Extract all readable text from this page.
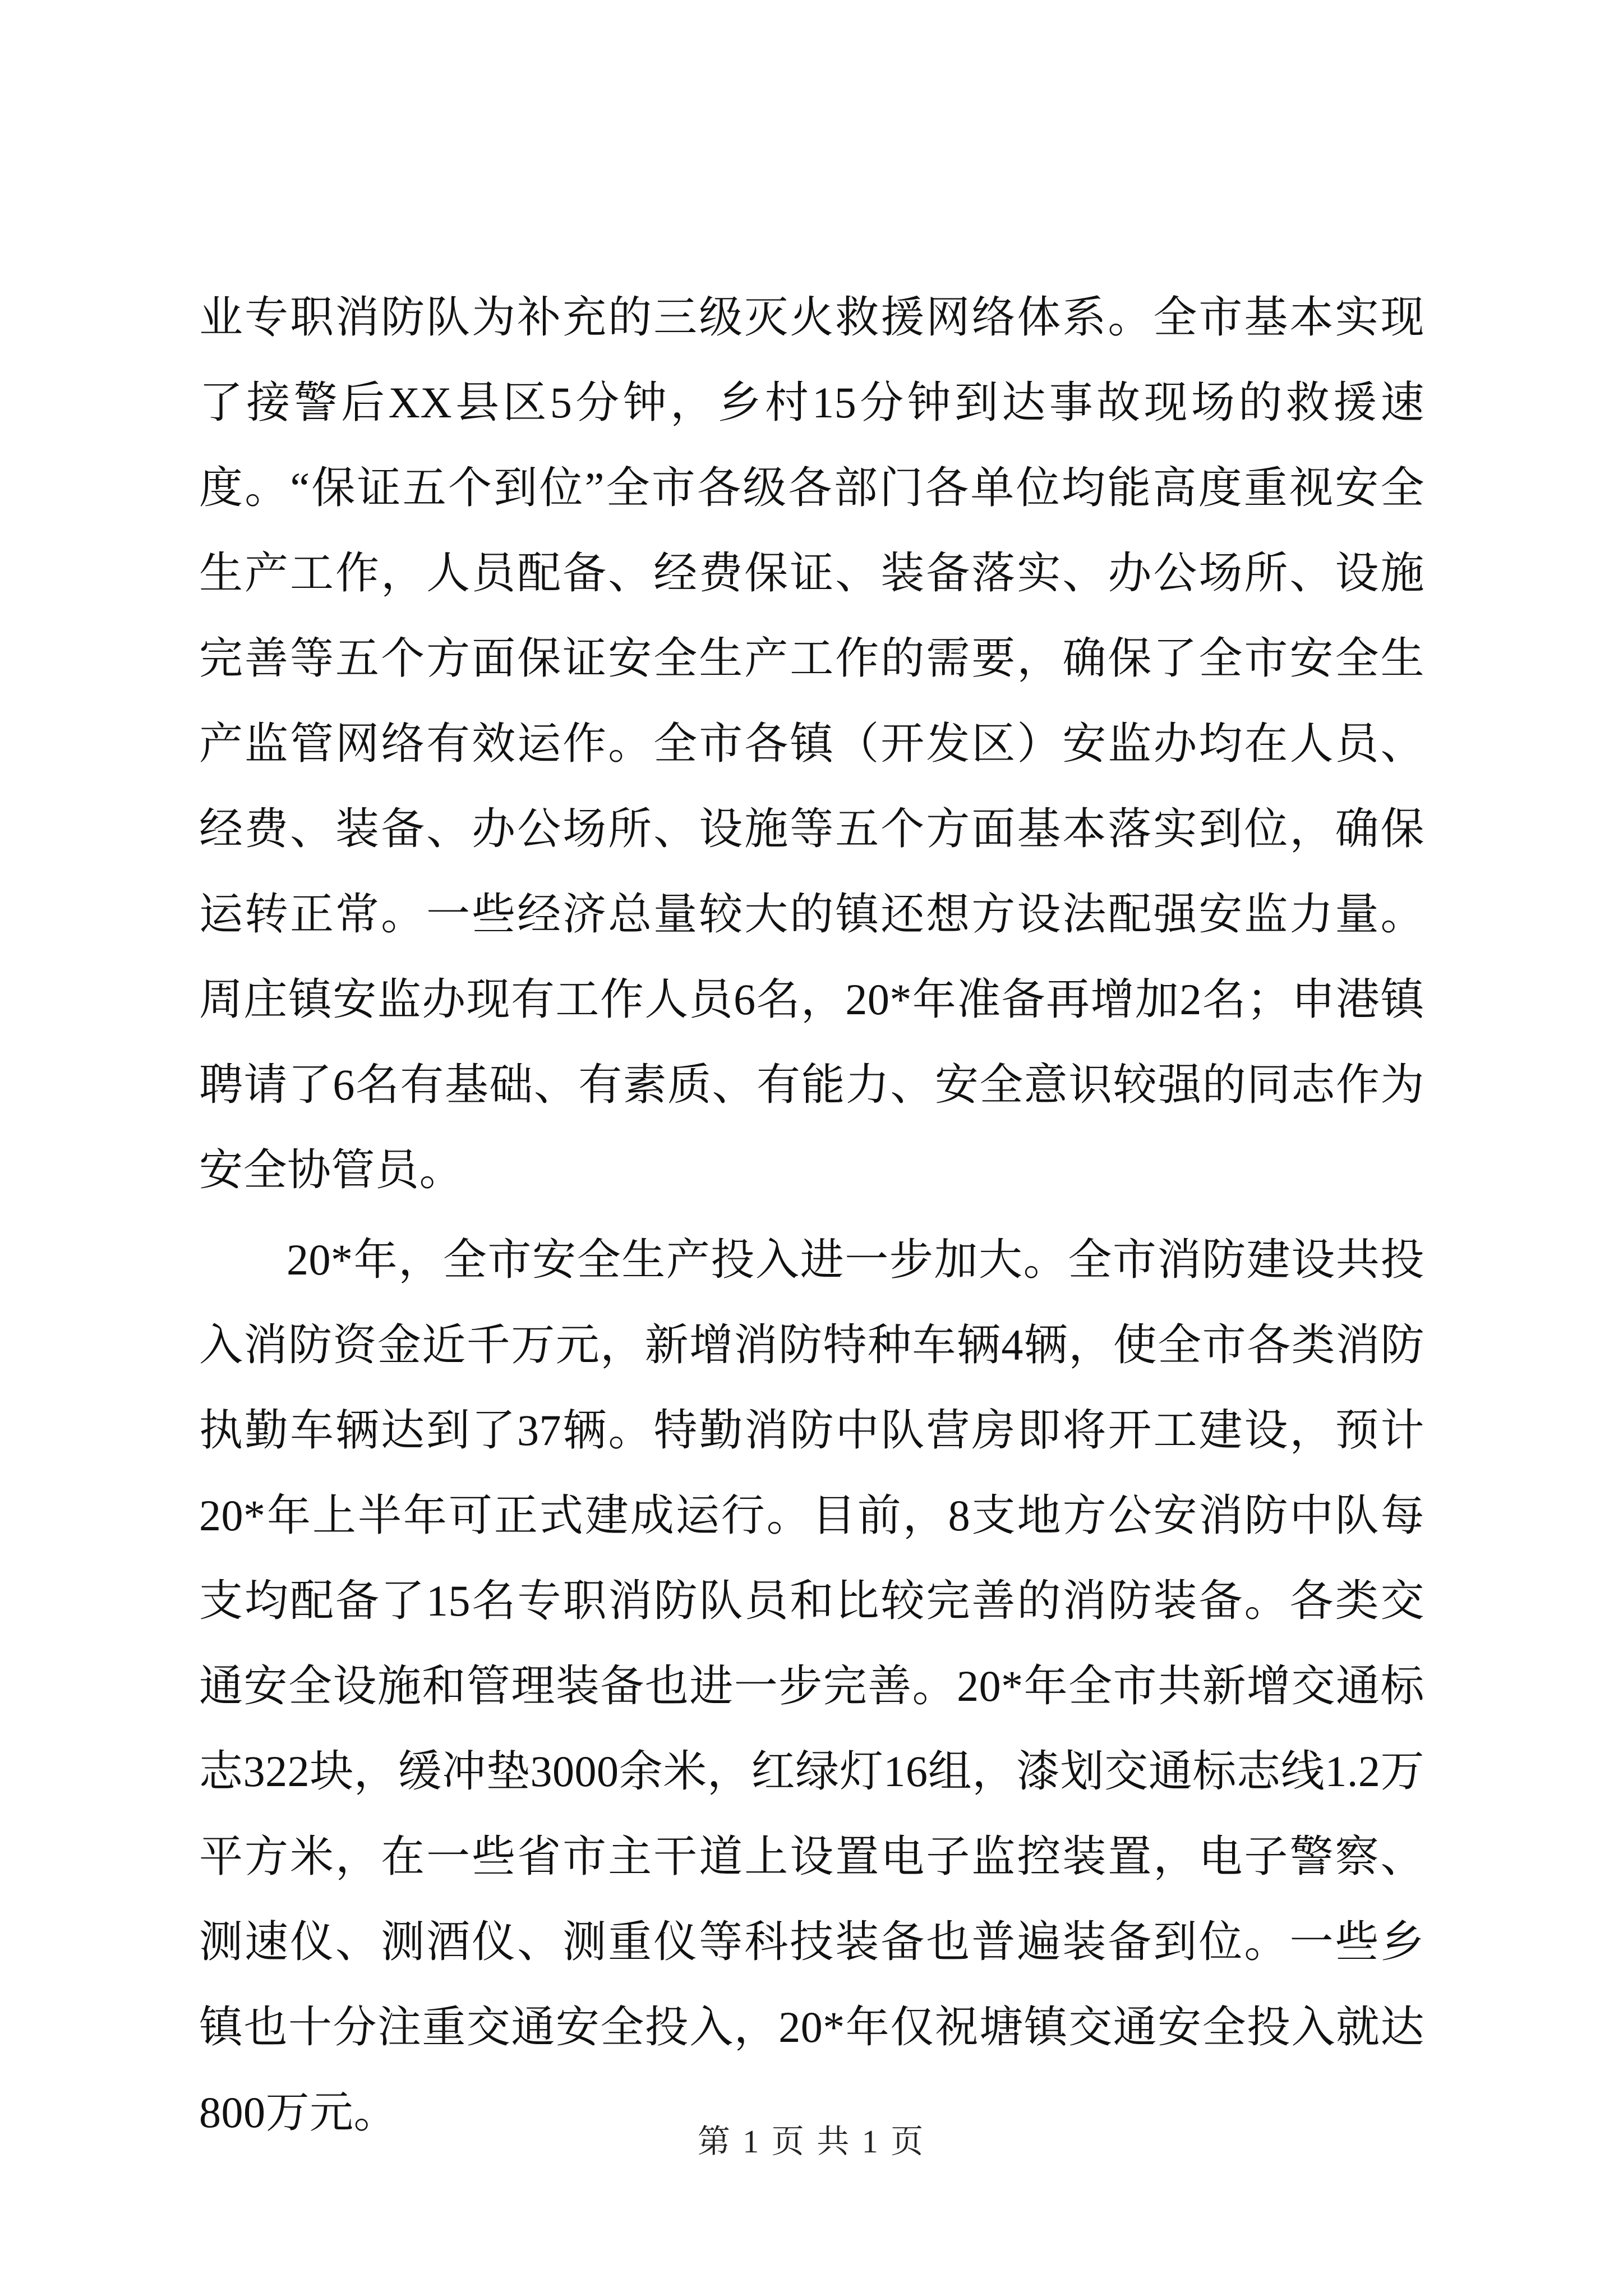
业专职消防队为补充的三级灭火救援网络体系。全市基本实现了接警后XX县区5分钟，乡村15分钟到达事故现场的救援速度。“保证五个到位”全市各级各部门各单位均能高度重视安全生产工作，人员配备、经费保证、装备落实、办公场所、设施完善等五个方面保证安全生产工作的需要，确保了全市安全生产监管网络有效运作。全市各镇（开发区）安监办均在人员、经费、装备、办公场所、设施等五个方面基本落实到位，确保运转正常。一些经济总量较大的镇还想方设法配强安监力量。周庄镇安监办现有工作人员6名，20*年准备再增加2名；申港镇聘请了6名有基础、有素质、有能力、安全意识较强的同志作为安全协管员。

20*年，全市安全生产投入进一步加大。全市消防建设共投入消防资金近千万元，新增消防特种车辆4辆，使全市各类消防执勤车辆达到了37辆。特勤消防中队营房即将开工建设，预计20*年上半年可正式建成运行。目前，8支地方公安消防中队每支均配备了15名专职消防队员和比较完善的消防装备。各类交通安全设施和管理装备也进一步完善。20*年全市共新增交通标志322块，缓冲垫3000余米，红绿灯16组，漆划交通标志线1.2万平方米，在一些省市主干道上设置电子监控装置，电子警察、测速仪、测酒仪、测重仪等科技装备也普遍装备到位。一些乡镇也十分注重交通安全投入，20*年仅祝塘镇交通安全投入就达800万元。

第 1 页 共 1 页
